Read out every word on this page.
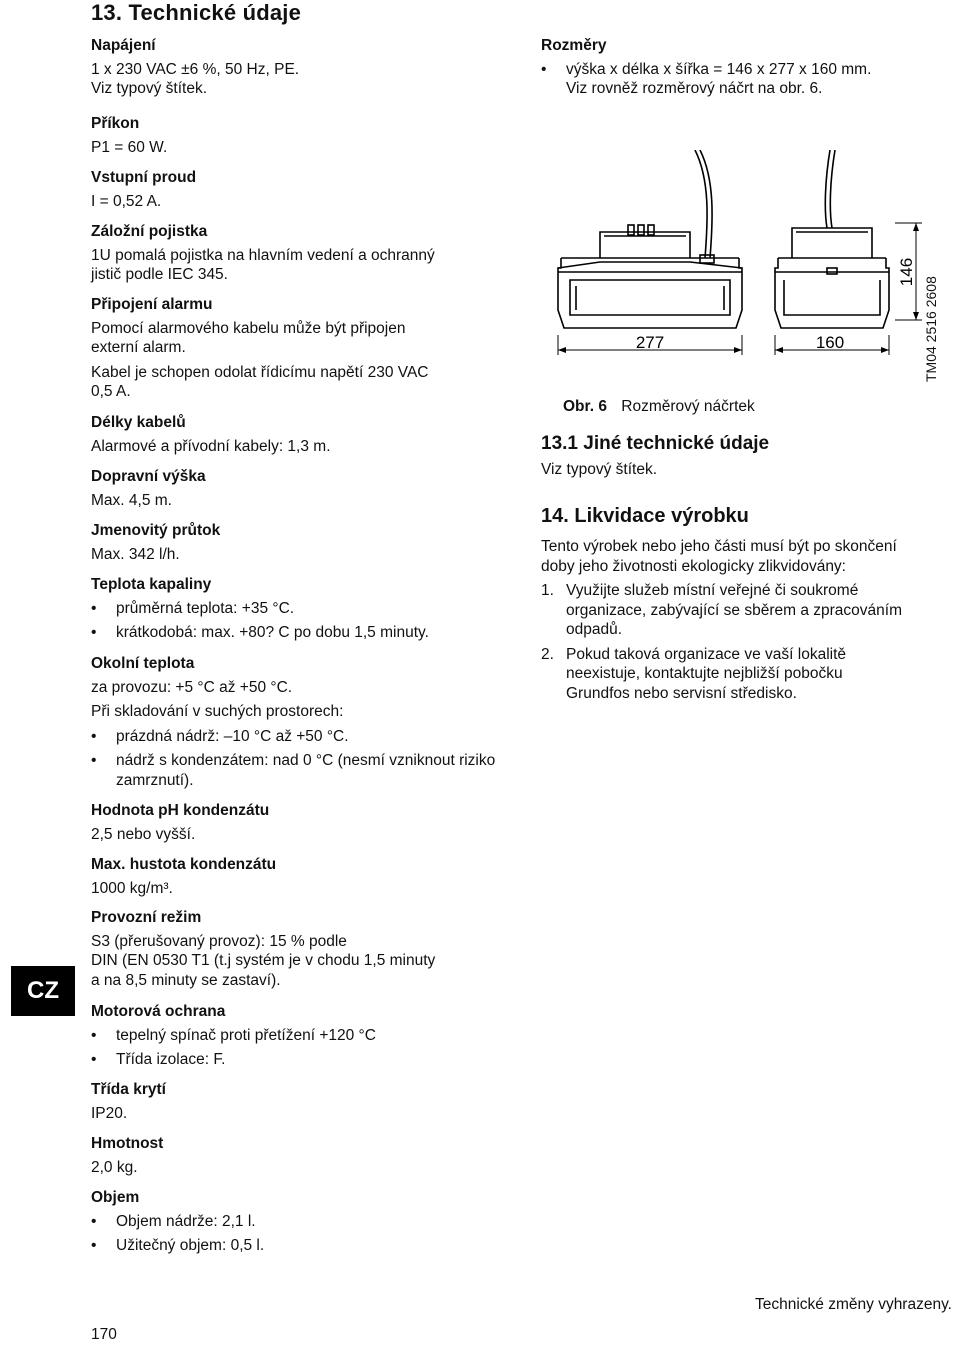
13. Technické údaje
Napájení

1 x 230 VAC ±6 %, 50 Hz, PE.

Viz typový štítek.

Příkon

P1 = 60 W.

Vstupní proud

I = 0,52 A.

Záložní pojistka

1U pomalá pojistka na hlavním vedení a ochranný

jistič podle IEC 345.

Připojení alarmu

Pomocí alarmového kabelu může být připojen

externí alarm.

Kabel je schopen odolat řídicímu napětí 230 VAC

0,5 A.

Délky kabelů

Alarmové a přívodní kabely: 1,3 m.

Dopravní výška

Max. 4,5 m.

Jmenovitý průtok

Max. 342 l/h.

Teplota kapaliny
• průměrná teplota: +35 °C.
• krátkodobá: max. +80? C po dobu 1,5 minuty.
Okolní teplota

za provozu: +5 °C až +50 °C.

Při skladování v suchých prostorech:

• prázdná nádrž: –10 °C až +50 °C.
• nádrž s kondenzátem: nad 0 °C (nesmí vzniknout riziko zamrznutí).
Hodnota pH kondenzátu

2,5 nebo vyšší.

Max. hustota kondenzátu

1000 kg/m³.

Provozní režim

S3 (přerušovaný provoz): 15 % podle

DIN (EN 0530 T1 (t.j systém je v chodu 1,5 minuty

a na 8,5 minuty se zastaví).

Motorová ochrana
• tepelný spínač proti přetížení +120 °C
• Třída izolace: F.
Třída krytí

IP20.

Hmotnost

2,0 kg.

Objem
• Objem nádrže: 2,1 l.
• Užitečný objem: 0,5 l.
Rozměry
• výška x délka x šířka = 146 x 277 x 160 mm.
Viz rovněž rozměrový náčrt na obr. 6.
277	160
146
TM04 2516 2608
Obr. 6 Rozměrový náčrtek
13.1 Jiné technické údaje

Viz typový štítek.

14. Likvidace výrobku

Tento výrobek nebo jeho části musí být po skončení

doby jeho životnosti ekologicky zlikvidovány:

1. Využijte služeb místní veřejné či soukromé
organizace, zabývající se sběrem a zpracováním
odpadů.
2. Pokud taková organizace ve vaší lokalitě
neexistuje, kontaktujte nejbližší pobočku
Grundfos nebo servisní středisko.
CZ
Technické změny vyhrazeny.
170
